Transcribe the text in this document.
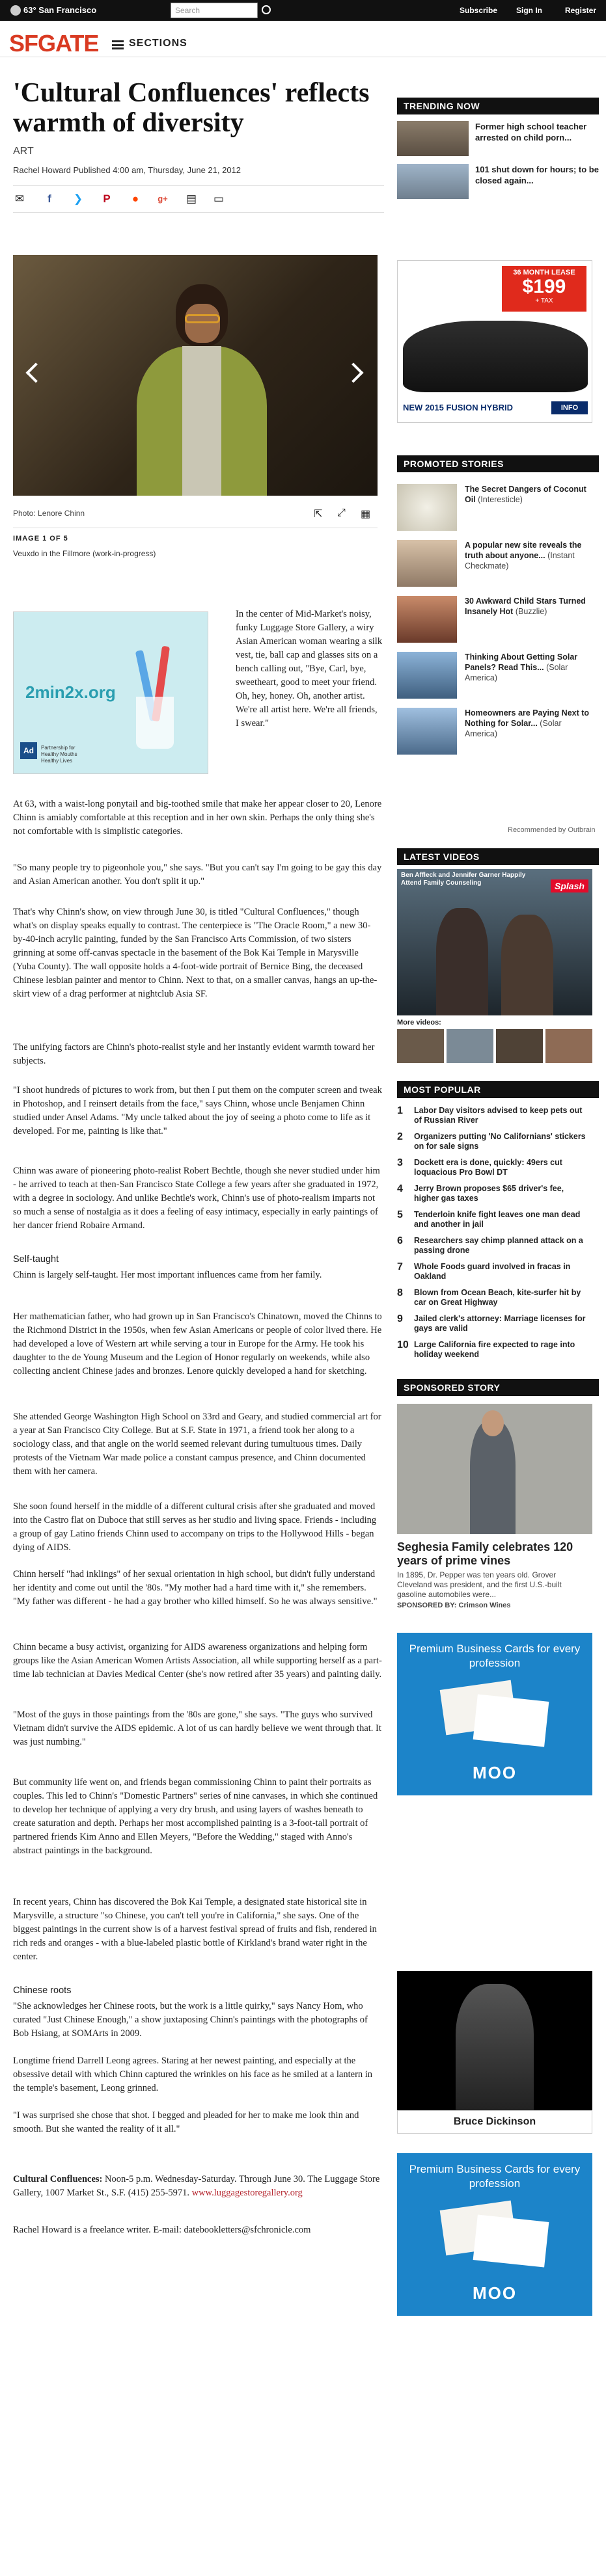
63° San Francisco	Search	Subscribe Sign In	Register
SFGATE	SECTIONS
'Cultural Confluences' reflects warmth of diversity
ART
Rachel Howard Published 4:00 am, Thursday, June 21, 2012
✉	f	❯ P ●	g+ ▤ ▭
Photo: Lenore Chinn	⇱ ⤢ ▦
IMAGE 1 OF 5
Veuxdo in the Fillmore (work-in-progress)
2min2x.org
Ad	Partnership for Healthy Mouths Healthy Lives
In the center of Mid-Market's noisy, funky Luggage Store Gallery, a wiry Asian American woman wearing a silk vest, tie, ball cap and glasses sits on a bench calling out, "Bye, Carl, bye, sweetheart, good to meet your friend. Oh, hey, honey. Oh, another artist. We're all artist here. We're all friends, I swear."
At 63, with a waist-long ponytail and big-toothed smile that make her appear closer to 20, Lenore Chinn is amiably comfortable at this reception and in her own skin. Perhaps the only thing she's not comfortable with is simplistic categories.
"So many people try to pigeonhole you," she says. "But you can't say I'm going to be gay this day and Asian American another. You don't split it up."
That's why Chinn's show, on view through June 30, is titled "Cultural Confluences," though what's on display speaks equally to contrast. The centerpiece is "The Oracle Room," a new 30-by-40-inch acrylic painting, funded by the San Francisco Arts Commission, of two sisters grinning at some off-canvas spectacle in the basement of the Bok Kai Temple in Marysville (Yuba County). The wall opposite holds a 4-foot-wide portrait of Bernice Bing, the deceased Chinese lesbian painter and mentor to Chinn. Next to that, on a smaller canvas, hangs an up-the-skirt view of a drag performer at nightclub Asia SF.
The unifying factors are Chinn's photo-realist style and her instantly evident warmth toward her subjects.
"I shoot hundreds of pictures to work from, but then I put them on the computer screen and tweak in Photoshop, and I reinsert details from the face," says Chinn, whose uncle Benjamen Chinn studied under Ansel Adams. "My uncle talked about the joy of seeing a photo come to life as it developed. For me, painting is like that."
Chinn was aware of pioneering photo-realist Robert Bechtle, though she never studied under him - he arrived to teach at then-San Francisco State College a few years after she graduated in 1972, with a degree in sociology. And unlike Bechtle's work, Chinn's use of photo-realism imparts not so much a sense of nostalgia as it does a feeling of easy intimacy, especially in early paintings of her dancer friend Robaire Armand.
Self-taught
Chinn is largely self-taught. Her most important influences came from her family.
Her mathematician father, who had grown up in San Francisco's Chinatown, moved the Chinns to the Richmond District in the 1950s, when few Asian Americans or people of color lived there. He had developed a love of Western art while serving a tour in Europe for the Army. He took his daughter to the de Young Museum and the Legion of Honor regularly on weekends, while also collecting ancient Chinese jades and bronzes. Lenore quickly developed a hand for sketching.
She attended George Washington High School on 33rd and Geary, and studied commercial art for a year at San Francisco City College. But at S.F. State in 1971, a friend took her along to a sociology class, and that angle on the world seemed relevant during tumultuous times. Daily protests of the Vietnam War made police a constant campus presence, and Chinn documented them with her camera.
She soon found herself in the middle of a different cultural crisis after she graduated and moved into the Castro flat on Duboce that still serves as her studio and living space. Friends - including a group of gay Latino friends Chinn used to accompany on trips to the Hollywood Hills - began dying of AIDS.
Chinn herself "had inklings" of her sexual orientation in high school, but didn't fully understand her identity and come out until the '80s. "My mother had a hard time with it," she remembers. "My father was different - he had a gay brother who killed himself. So he was always sensitive."
Chinn became a busy activist, organizing for AIDS awareness organizations and helping form groups like the Asian American Women Artists Association, all while supporting herself as a part-time lab technician at Davies Medical Center (she's now retired after 35 years) and painting daily.
"Most of the guys in those paintings from the '80s are gone," she says. "The guys who survived Vietnam didn't survive the AIDS epidemic. A lot of us can hardly believe we went through that. It was just numbing."
But community life went on, and friends began commissioning Chinn to paint their portraits as couples. This led to Chinn's "Domestic Partners" series of nine canvases, in which she continued to develop her technique of applying a very dry brush, and using layers of washes beneath to create saturation and depth. Perhaps her most accomplished painting is a 3-foot-tall portrait of partnered friends Kim Anno and Ellen Meyers, "Before the Wedding," staged with Anno's abstract paintings in the background.
In recent years, Chinn has discovered the Bok Kai Temple, a designated state historical site in Marysville, a structure "so Chinese, you can't tell you're in California," she says. One of the biggest paintings in the current show is of a harvest festival spread of fruits and fish, rendered in rich reds and oranges - with a blue-labeled plastic bottle of Kirkland's brand water right in the center.
Chinese roots
"She acknowledges her Chinese roots, but the work is a little quirky," says Nancy Hom, who curated "Just Chinese Enough," a show juxtaposing Chinn's paintings with the photographs of Bob Hsiang, at SOMArts in 2009.
Longtime friend Darrell Leong agrees. Staring at her newest painting, and especially at the obsessive detail with which Chinn captured the wrinkles on his face as he smiled at a lantern in the temple's basement, Leong grinned.
"I was surprised she chose that shot. I begged and pleaded for her to make me look thin and smooth. But she wanted the reality of it all."
Cultural Confluences: Noon-5 p.m. Wednesday-Saturday. Through June 30. The Luggage Store Gallery, 1007 Market St., S.F. (415) 255-5971. www.luggagestoregallery.org
Rachel Howard is a freelance writer. E-mail: datebookletters@sfchronicle.com
TRENDING NOW
Former high school teacher arrested on child porn...
101 shut down for hours; to be closed again...
36 MONTH LEASE
$199
+ TAX
NEW 2015 FUSION HYBRID	INFO
PROMOTED STORIES
The Secret Dangers of Coconut Oil (Interesticle)
A popular new site reveals the truth about anyone... (Instant Checkmate)
30 Awkward Child Stars Turned Insanely Hot (Buzzlie)
Thinking About Getting Solar Panels? Read This... (Solar America)
Homeowners are Paying Next to Nothing for Solar... (Solar America)
Recommended by Outbrain
LATEST VIDEOS
Ben Affleck and Jennifer Garner Happily Attend Family Counseling	Splash
More videos:
MOST POPULAR
1	Labor Day visitors advised to keep pets out of Russian River
2	Organizers putting 'No Californians' stickers on for sale signs
3	Dockett era is done, quickly: 49ers cut loquacious Pro Bowl DT
4	Jerry Brown proposes $65 driver's fee, higher gas taxes
5	Tenderloin knife fight leaves one man dead and another in jail
6	Researchers say chimp planned attack on a passing drone
7	Whole Foods guard involved in fracas in Oakland
8	Blown from Ocean Beach, kite-surfer hit by car on Great Highway
9	Jailed clerk's attorney: Marriage licenses for gays are valid
10 Large California fire expected to rage into holiday weekend
SPONSORED STORY
Seghesia Family celebrates 120 years of prime vines
In 1895, Dr. Pepper was ten years old. Grover Cleveland was president, and the first U.S.-built gasoline automobiles were...
SPONSORED BY: Crimson Wines
Premium Business Cards for every profession
MOO
Bruce Dickinson
Premium Business Cards for every profession
MOO
